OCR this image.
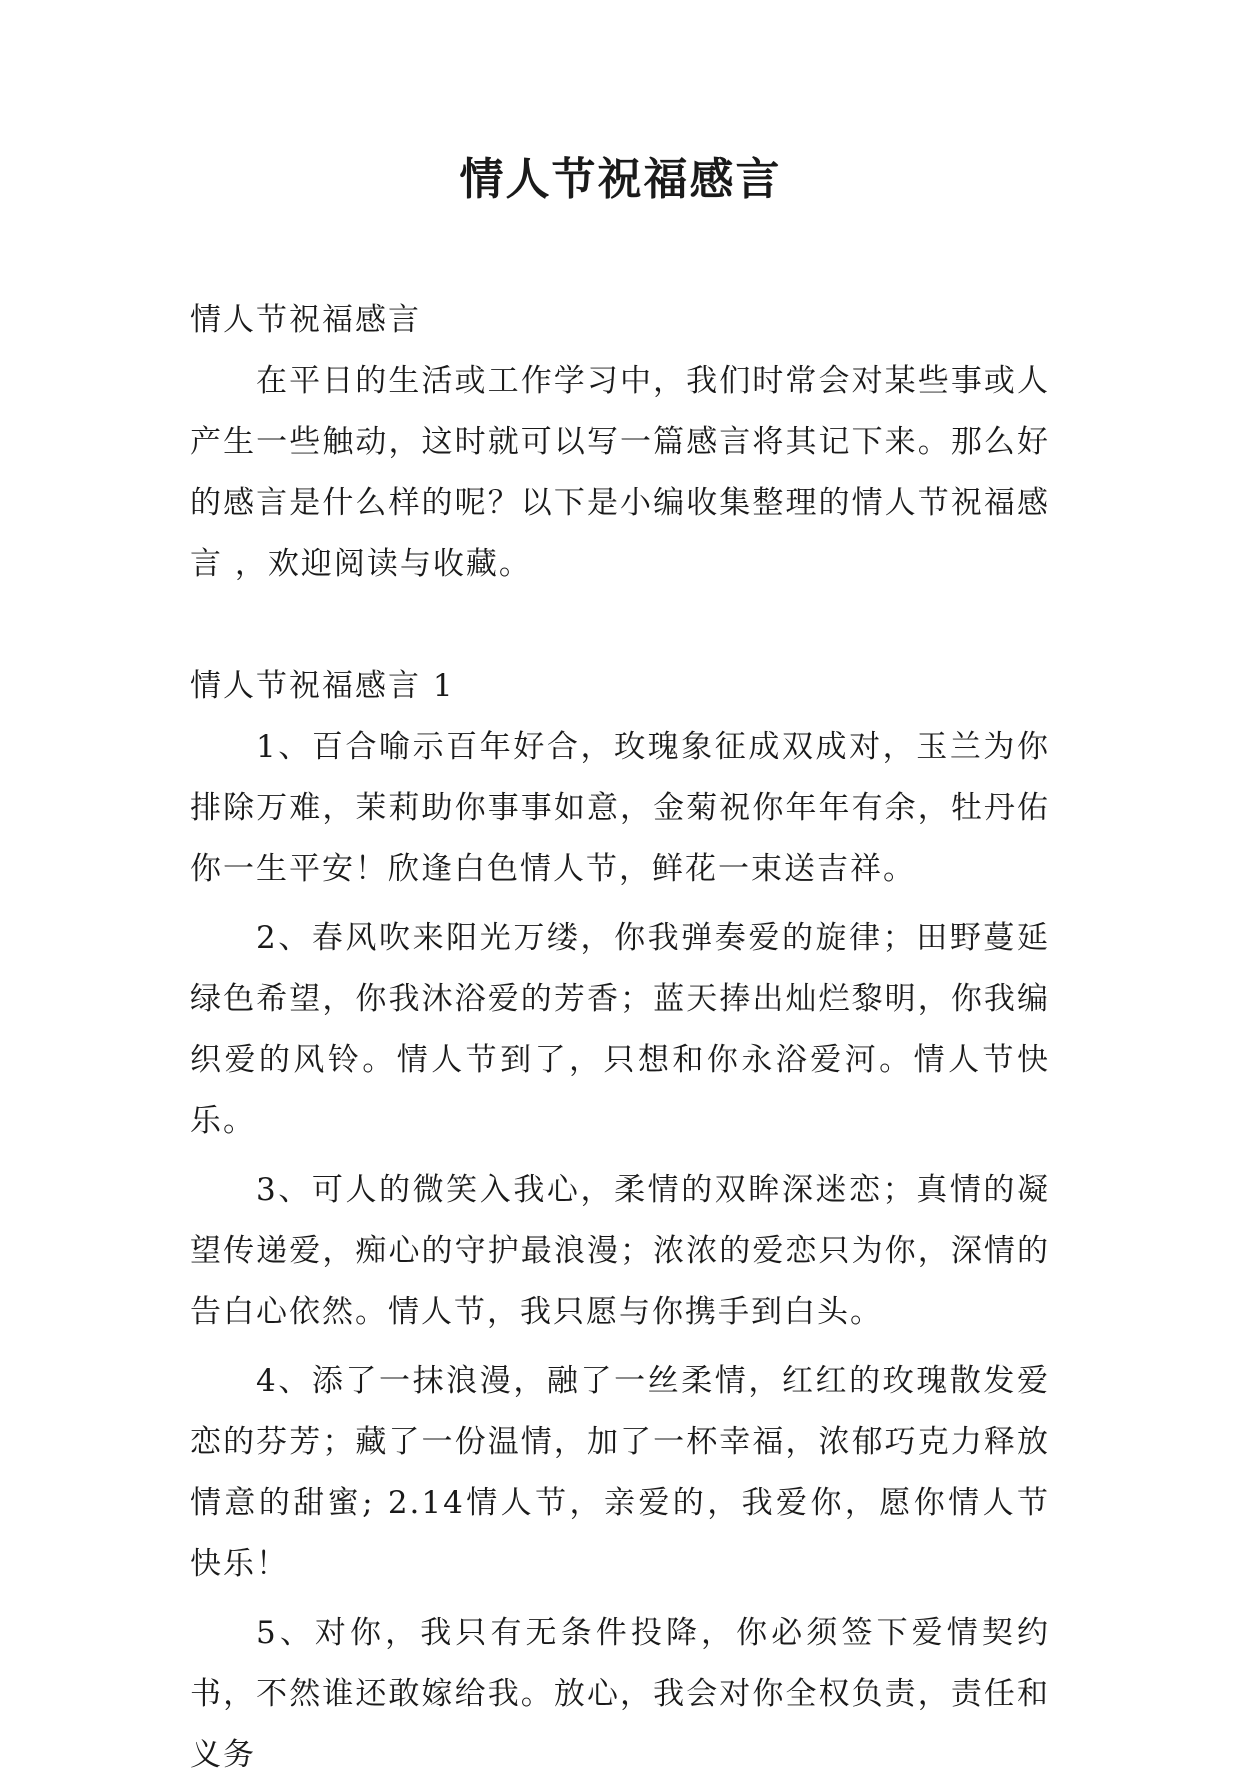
情人节祝福感言

情人节祝福感言

在平日的生活或工作学习中，我们时常会对某些事或人产生一些触动，这时就可以写一篇感言将其记下来。那么好的感言是什么样的呢？以下是小编收集整理的情人节祝福感言 ，欢迎阅读与收藏。

情人节祝福感言 1

1、百合喻示百年好合，玫瑰象征成双成对，玉兰为你排除万难，茉莉助你事事如意，金菊祝你年年有余，牡丹佑你一生平安！欣逢白色情人节，鲜花一束送吉祥。

2、春风吹来阳光万缕，你我弹奏爱的旋律；田野蔓延绿色希望，你我沐浴爱的芳香；蓝天捧出灿烂黎明，你我编织爱的风铃。情人节到了，只想和你永浴爱河。情人节快乐。

3、可人的微笑入我心，柔情的双眸深迷恋；真情的凝望传递爱，痴心的守护最浪漫；浓浓的爱恋只为你，深情的告白心依然。情人节，我只愿与你携手到白头。

4、添了一抹浪漫，融了一丝柔情，红红的玫瑰散发爱恋的芬芳；藏了一份温情，加了一杯幸福，浓郁巧克力释放情意的甜蜜; 2.14情人节，亲爱的，我爱你，愿你情人节快乐！

5、对你，我只有无条件投降，你必须签下爱情契约书，不然谁还敢嫁给我。放心，我会对你全权负责，责任和义务
